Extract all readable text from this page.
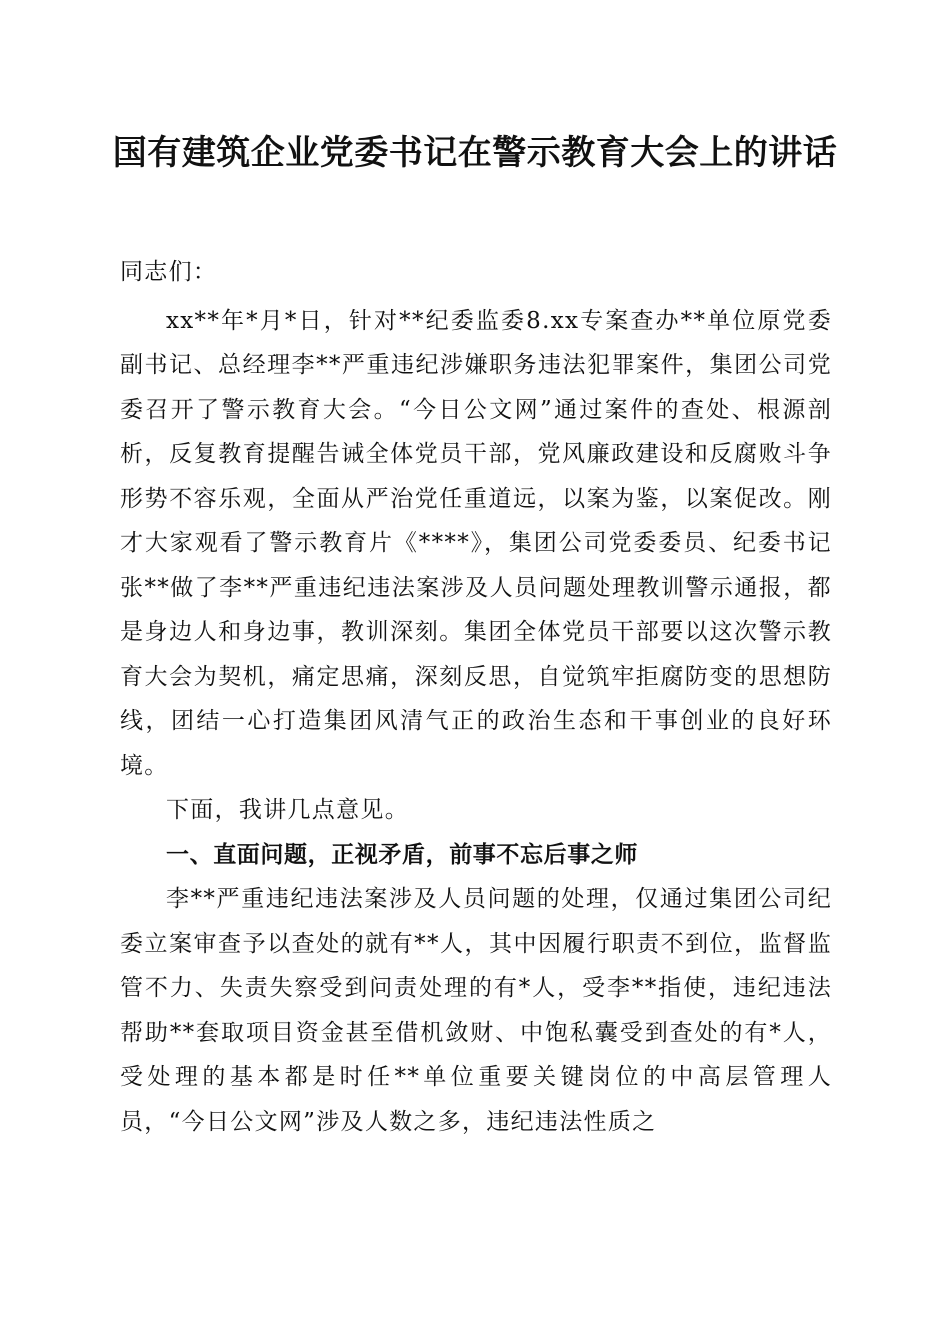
国有建筑企业党委书记在警示教育大会上的讲话

同志们：

xx**年*月*日，针对**纪委监委8.xx专案查办**单位原党委副书记、总经理李**严重违纪涉嫌职务违法犯罪案件，集团公司党委召开了警示教育大会。“今日公文网”通过案件的查处、根源剖析，反复教育提醒告诫全体党员干部，党风廉政建设和反腐败斗争形势不容乐观，全面从严治党任重道远，以案为鉴，以案促改。刚才大家观看了警示教育片《****》，集团公司党委委员、纪委书记张**做了李**严重违纪违法案涉及人员问题处理教训警示通报，都是身边人和身边事，教训深刻。集团全体党员干部要以这次警示教育大会为契机，痛定思痛，深刻反思，自觉筑牢拒腐防变的思想防线，团结一心打造集团风清气正的政治生态和干事创业的良好环境。

下面，我讲几点意见。

一、直面问题，正视矛盾，前事不忘后事之师

李**严重违纪违法案涉及人员问题的处理，仅通过集团公司纪委立案审查予以查处的就有**人，其中因履行职责不到位，监督监管不力、失责失察受到问责处理的有*人，受李**指使，违纪违法帮助**套取项目资金甚至借机敛财、中饱私囊受到查处的有*人，受处理的基本都是时任**单位重要关键岗位的中高层管理人员，“今日公文网”涉及人数之多，违纪违法性质之
